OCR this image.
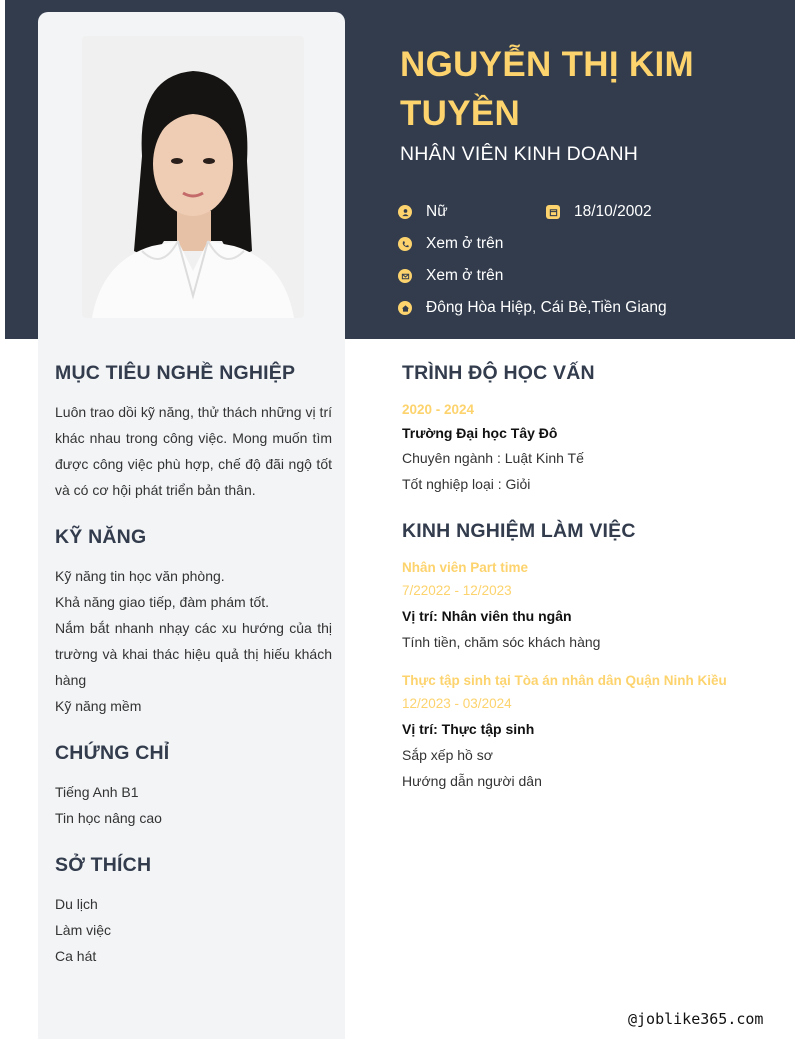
NGUYỄN THỊ KIM TUYỀN
NHÂN VIÊN KINH DOANH
Nữ	18/10/2002
Xem ở trên
Xem ở trên
Đông Hòa Hiệp, Cái Bè,Tiền Giang
MỤC TIÊU NGHỀ NGHIỆP
Luôn trao dồi kỹ năng, thử thách những vị trí khác nhau trong công việc. Mong muốn tìm được công việc phù hợp, chế độ đãi ngộ tốt và có cơ hội phát triển bản thân.
KỸ NĂNG
Kỹ năng tin học văn phòng.
Khả năng giao tiếp, đàm phám tốt.
Nắm bắt nhanh nhạy các xu hướng của thị trường và khai thác hiệu quả thị hiếu khách hàng
Kỹ năng mềm
CHỨNG CHỈ
Tiếng Anh B1
Tin học nâng cao
SỞ THÍCH
Du lịch
Làm việc
Ca hát
TRÌNH ĐỘ HỌC VẤN
2020 - 2024
Trường Đại học Tây Đô
Chuyên ngành : Luật Kinh Tế
Tốt nghiệp loại : Giỏi
KINH NGHIỆM LÀM VIỆC
Nhân viên Part time
7/22022 - 12/2023
Vị trí: Nhân viên thu ngân
Tính tiền, chăm sóc khách hàng
Thực tập sinh tại Tòa án nhân dân Quận Ninh Kiều
12/2023 - 03/2024
Vị trí: Thực tập sinh
Sắp xếp hồ sơ
Hướng dẫn người dân
@joblike365.com
